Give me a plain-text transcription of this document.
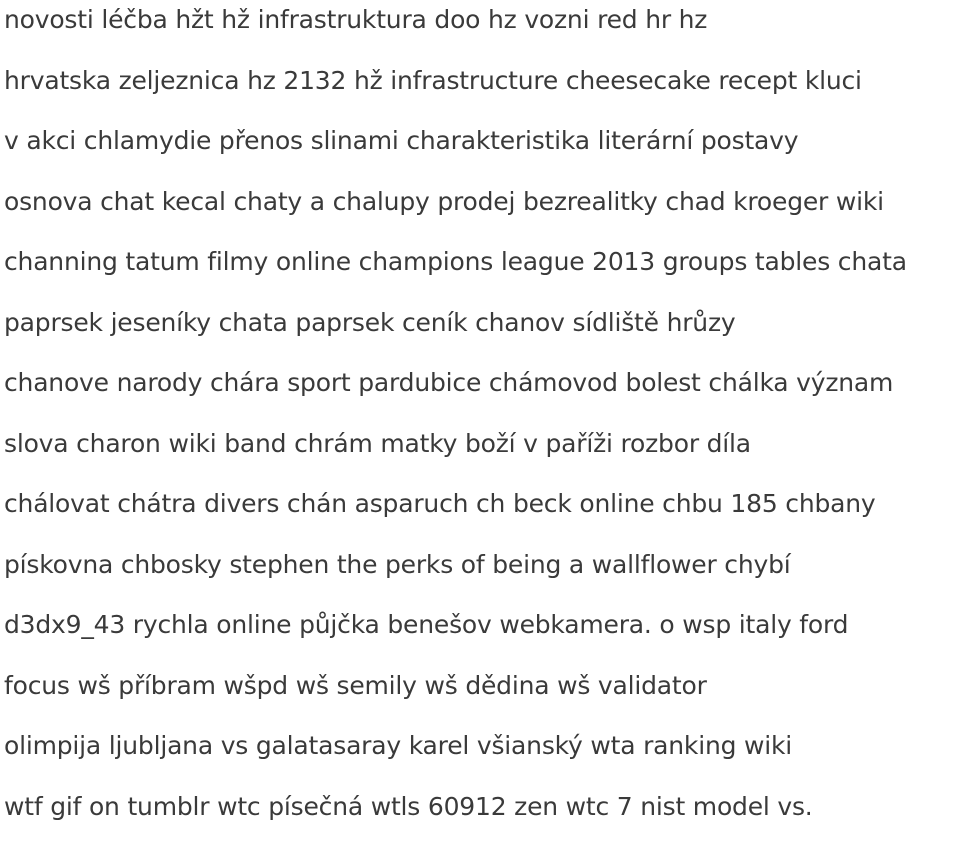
novosti léčba hžt hž infrastruktura doo hz vozni red hr hz
hrvatska zeljeznica hz 2132 hž infrastructure cheesecake recept kluci
v akci chlamydie přenos slinami charakteristika literární postavy
osnova chat kecal chaty a chalupy prodej bezrealitky chad kroeger wiki
channing tatum filmy online champions league 2013 groups tables chata
paprsek jeseníky chata paprsek ceník chanov sídliště hrůzy
chanove narody chára sport pardubice chámovod bolest chálka význam
slova charon wiki band chrám matky boží v paříži rozbor díla
chálovat chátra divers chán asparuch ch beck online chbu 185 chbany
pískovna chbosky stephen the perks of being a wallflower chybí
d3dx9_43 rychla online půjčka benešov webkamera. o wsp italy ford
focus wš příbram wšpd wš semily wš dědina wš validator
olimpija ljubljana vs galatasaray karel všianský wta ranking wiki
wtf gif on tumblr wtc písečná wtls 60912 zen wtc 7 nist model vs.
